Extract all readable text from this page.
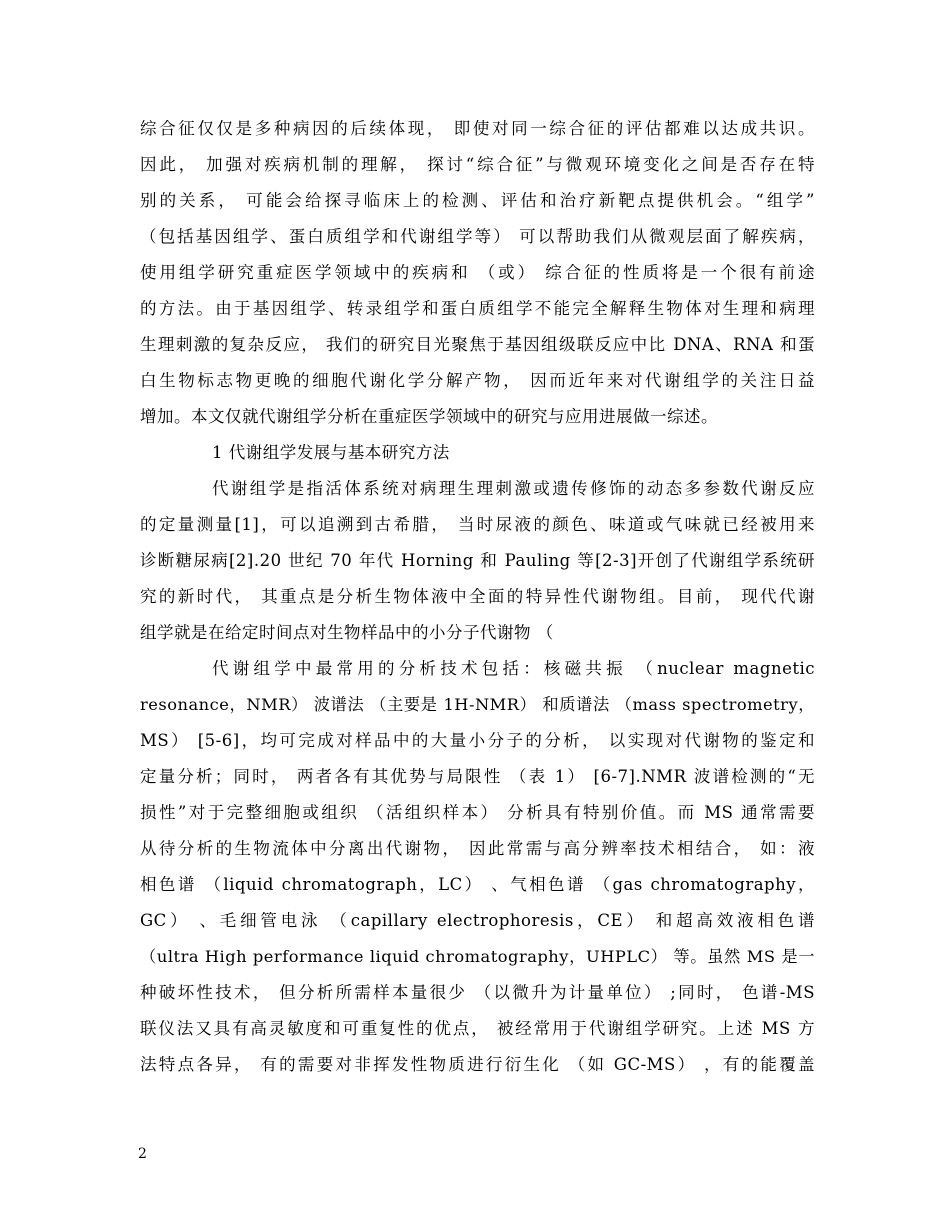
综合征仅仅是多种病因的后续体现， 即使对同一综合征的评估都难以达成共识。
因此， 加强对疾病机制的理解， 探讨“综合征”与微观环境变化之间是否存在特
别的关系， 可能会给探寻临床上的检测、评估和治疗新靶点提供机会。“组学”
（包括基因组学、蛋白质组学和代谢组学等） 可以帮助我们从微观层面了解疾病，
使用组学研究重症医学领域中的疾病和 （或） 综合征的性质将是一个很有前途
的方法。由于基因组学、转录组学和蛋白质组学不能完全解释生物体对生理和病理
生理刺激的复杂反应， 我们的研究目光聚焦于基因组级联反应中比 DNA、RNA 和蛋
白生物标志物更晚的细胞代谢化学分解产物， 因而近年来对代谢组学的关注日益
增加。本文仅就代谢组学分析在重症医学领域中的研究与应用进展做一综述。
1 代谢组学发展与基本研究方法
代谢组学是指活体系统对病理生理刺激或遗传修饰的动态多参数代谢反应
的定量测量[1]，可以追溯到古希腊， 当时尿液的颜色、味道或气味就已经被用来
诊断糖尿病[2].20 世纪 70 年代 Horning 和 Pauling 等[2-3]开创了代谢组学系统研
究的新时代， 其重点是分析生物体液中全面的特异性代谢物组。目前， 现代代谢
组学就是在给定时间点对生物样品中的小分子代谢物 （
代谢组学中最常用的分析技术包括：核磁共振 （nuclear magnetic
resonance，NMR） 波谱法 （主要是 1H-NMR） 和质谱法 （mass spectrometry，
MS） [5-6]，均可完成对样品中的大量小分子的分析， 以实现对代谢物的鉴定和
定量分析；同时， 两者各有其优势与局限性 （表 1） [6-7].NMR 波谱检测的“无
损性”对于完整细胞或组织 （活组织样本） 分析具有特别价值。而 MS 通常需要
从待分析的生物流体中分离出代谢物， 因此常需与高分辨率技术相结合， 如：液
相色谱 （liquid chromatograph，LC） 、气相色谱 （gas chromatography，
GC） 、毛细管电泳 （capillary electrophoresis，CE） 和超高效液相色谱
（ultra High performance liquid chromatography，UHPLC） 等。虽然 MS 是一
种破坏性技术， 但分析所需样本量很少 （以微升为计量单位） ;同时， 色谱-MS
联仪法又具有高灵敏度和可重复性的优点， 被经常用于代谢组学研究。上述 MS 方
法特点各异， 有的需要对非挥发性物质进行衍生化 （如 GC-MS） ，有的能覆盖
2
